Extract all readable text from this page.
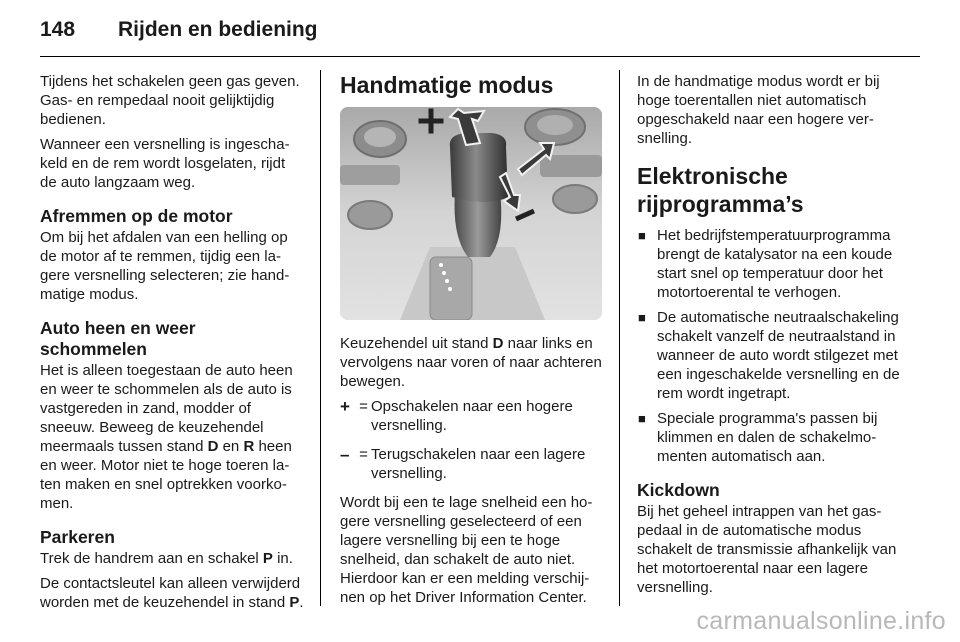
148 Rijden en bediening

Tijdens het schakelen geen gas geven. Gas- en rempedaal nooit gelijktijdig bedienen.

Wanneer een versnelling is ingeschakeld en de rem wordt losgelaten, rijdt de auto langzaam weg.

Afremmen op de motor

Om bij het afdalen van een helling op de motor af te remmen, tijdig een lagere versnelling selecteren; zie handmatige modus.

Auto heen en weer schommelen

Het is alleen toegestaan de auto heen en weer te schommelen als de auto is vastgereden in zand, modder of sneeuw. Beweeg de keuzehendel meermaals tussen stand D en R heen en weer. Motor niet te hoge toeren laten maken en snel optrekken voorkomen.

Parkeren

Trek de handrem aan en schakel P in.

De contactsleutel kan alleen verwijderd worden met de keuzehendel in stand P.

Handmatige modus

Keuzehendel uit stand D naar links en vervolgens naar voren of naar achteren bewegen.

+ = Opschakelen naar een hogere versnelling.
– = Terugschakelen naar een lagere versnelling.

Wordt bij een te lage snelheid een hogere versnelling geselecteerd of een lagere versnelling bij een te hoge snelheid, dan schakelt de auto niet. Hierdoor kan er een melding verschijnen op het Driver Information Center.

In de handmatige modus wordt er bij hoge toerentallen niet automatisch opgeschakeld naar een hogere versnelling.

Elektronische rijprogramma’s
■ Het bedrijfstemperatuurprogramma brengt de katalysator na een koude start snel op temperatuur door het motortoerental te verhogen.
■ De automatische neutraalschakeling schakelt vanzelf de neutraalstand in wanneer de auto wordt stilgezet met een ingeschakelde versnelling en de rem wordt ingetrapt.
■ Speciale programma's passen bij klimmen en dalen de schakelmomenten automatisch aan.
Kickdown

Bij het geheel intrappen van het gaspedaal in de automatische modus schakelt de transmissie afhankelijk van het motortoerental naar een lagere versnelling.

carmanualsonline.info
